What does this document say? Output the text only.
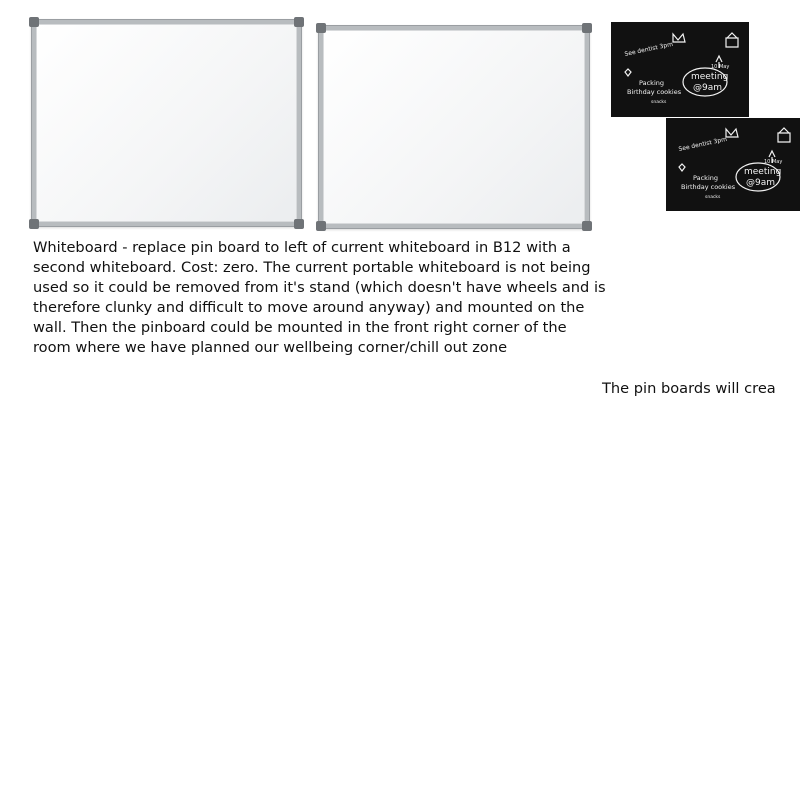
See dentist 3pm
10 May
meeting
@9am
Packing
Birthday cookies
snacks
See dentist 3pm
10 May
meeting
@9am
Packing
Birthday cookies
snacks

Whiteboard - replace pin board to left of current whiteboard in B12 with a second whiteboard. Cost: zero. The current portable whiteboard is not being used so it could be removed from it's stand (which doesn't have wheels and is therefore clunky and difficult to move around anyway) and mounted on the wall. Then the pinboard could be mounted in the front right corner of the room where we have planned our wellbeing corner/chill out zone

The pin boards will crea
